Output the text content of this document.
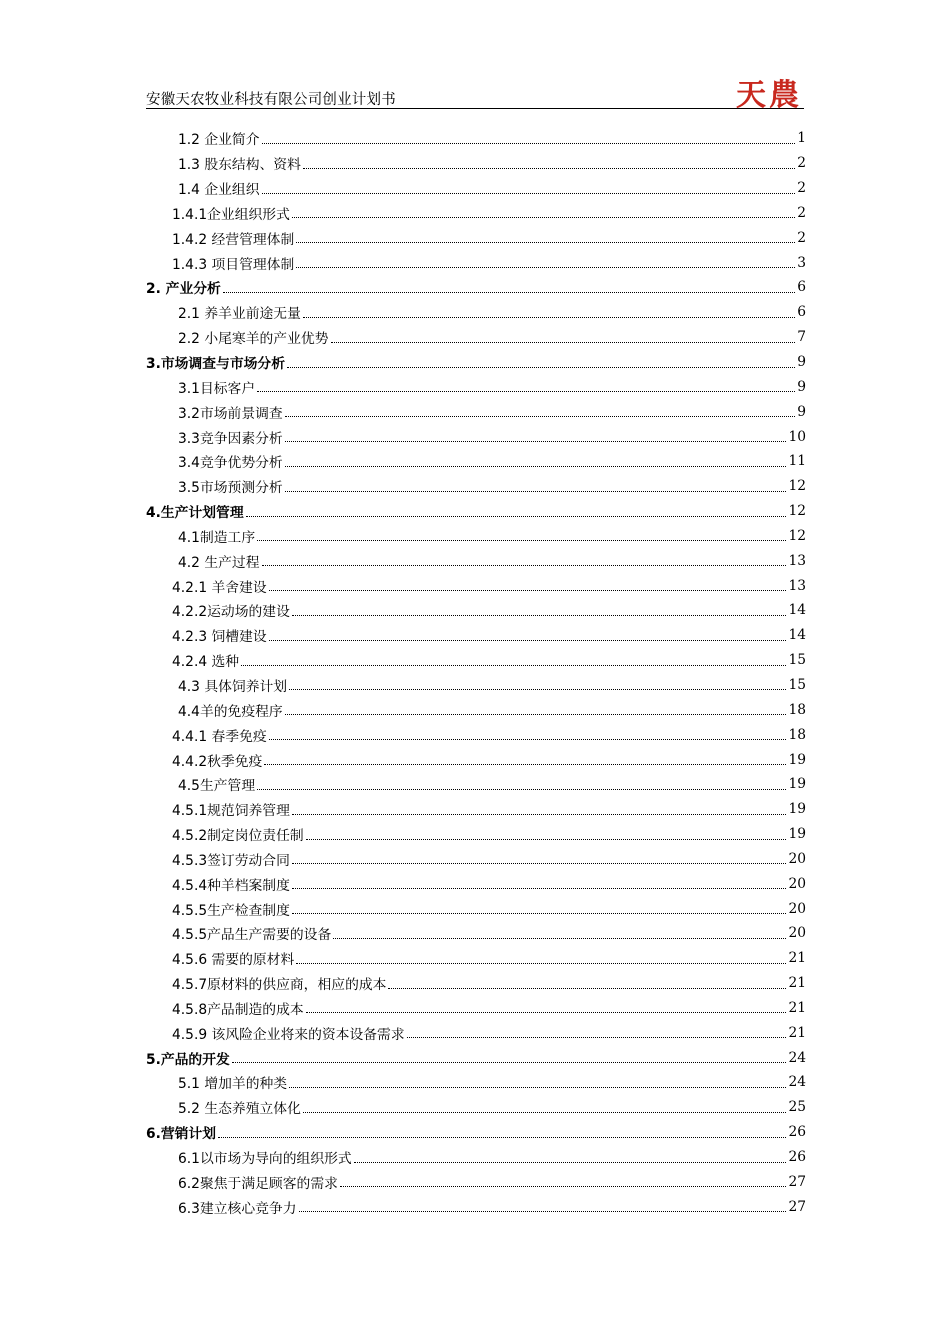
安徽天农牧业科技有限公司创业计划书	天農
1.2 企业简介	1
1.3 股东结构、资料	2
1.4 企业组织	2
1.4.1企业组织形式	2
1.4.2 经营管理体制	2
1.4.3 项目管理体制	3
2. 产业分析	6
2.1 养羊业前途无量	6
2.2 小尾寒羊的产业优势	7
3.市场调查与市场分析	9
3.1目标客户	9
3.2市场前景调查	9
3.3竞争因素分析	10
3.4竞争优势分析	11
3.5市场预测分析	12
4.生产计划管理	12
4.1制造工序	12
4.2 生产过程	13
4.2.1 羊舍建设	13
4.2.2运动场的建设	14
4.2.3 饲槽建设	14
4.2.4 选种	15
4.3 具体饲养计划	15
4.4羊的免疫程序	18
4.4.1 春季免疫	18
4.4.2秋季免疫	19
4.5生产管理	19
4.5.1规范饲养管理	19
4.5.2制定岗位责任制	19
4.5.3签订劳动合同	20
4.5.4种羊档案制度	20
4.5.5生产检查制度	20
4.5.5产品生产需要的设备	20
4.5.6 需要的原材料	21
4.5.7原材料的供应商，相应的成本	21
4.5.8产品制造的成本	21
4.5.9 该风险企业将来的资本设备需求	21
5.产品的开发	24
5.1 增加羊的种类	24
5.2 生态养殖立体化	25
6.营销计划	26
6.1以市场为导向的组织形式	26
6.2聚焦于满足顾客的需求	27
6.3建立核心竞争力	27
